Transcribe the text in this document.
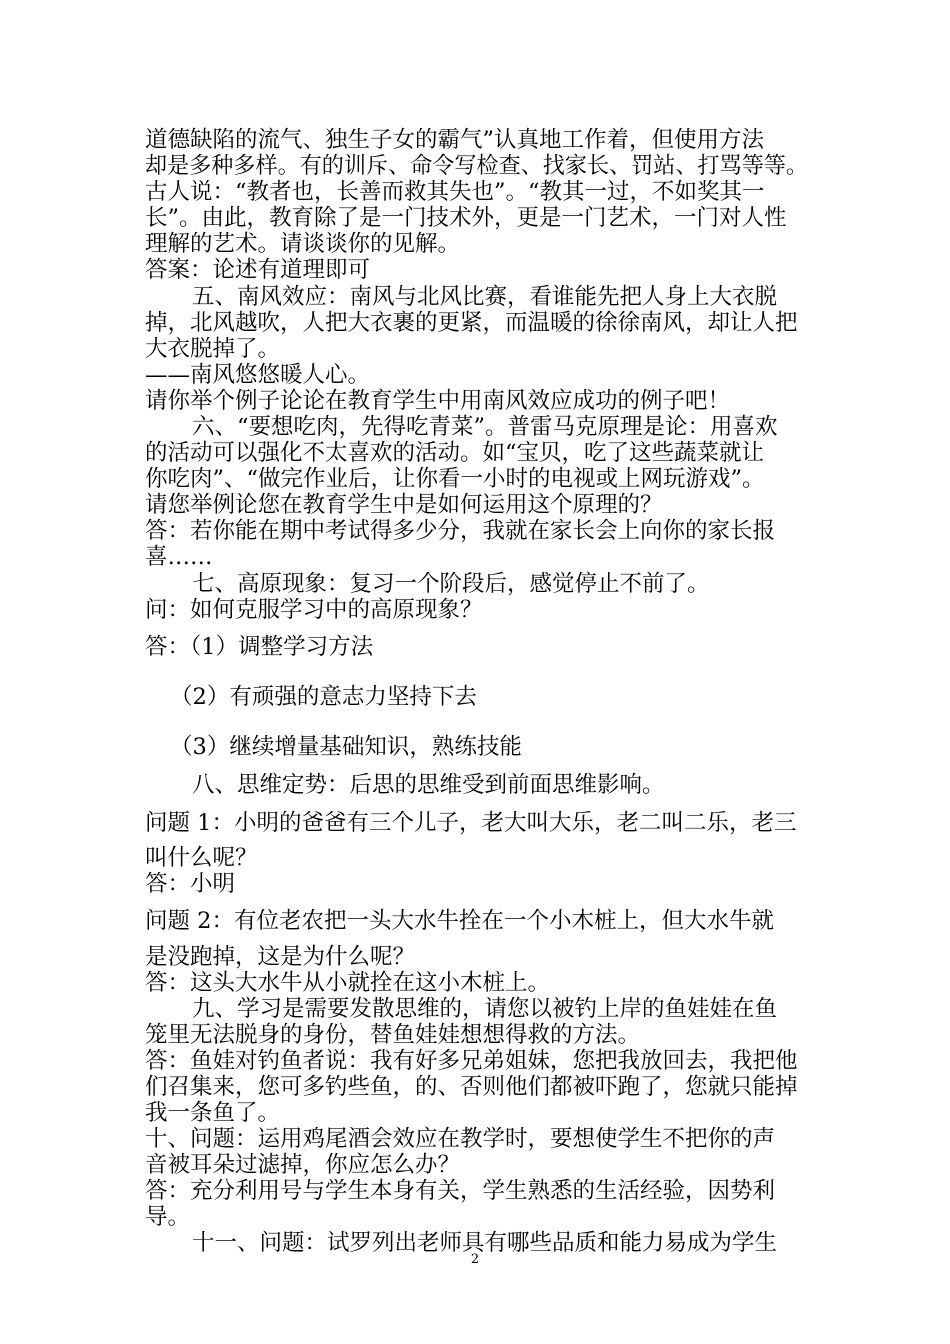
道德缺陷的流气、独生子女的霸气”认真地工作着，但使用方法
却是多种多样。有的训斥、命令写检查、找家长、罚站、打骂等等。
古人说：“教者也，长善而救其失也”。“教其一过，不如奖其一
长”。由此，教育除了是一门技术外，更是一门艺术，一门对人性
理解的艺术。请谈谈你的见解。
答案：论述有道理即可
五、南风效应：南风与北风比赛，看谁能先把人身上大衣脱
掉，北风越吹，人把大衣裹的更紧，而温暖的徐徐南风，却让人把
大衣脱掉了。
——南风悠悠暖人心。
请你举个例子论论在教育学生中用南风效应成功的例子吧！
六、“要想吃肉，先得吃青菜”。普雷马克原理是论：用喜欢
的活动可以强化不太喜欢的活动。如“宝贝，吃了这些蔬菜就让
你吃肉”、“做完作业后，让你看一小时的电视或上网玩游戏”。
请您举例论您在教育学生中是如何运用这个原理的？
答：若你能在期中考试得多少分，我就在家长会上向你的家长报
喜……
七、高原现象：复习一个阶段后，感觉停止不前了。
问：如何克服学习中的高原现象？
答：（1）调整学习方法
（2）有顽强的意志力坚持下去
（3）继续增量基础知识，熟练技能
八、思维定势：后思的思维受到前面思维影响。
问题 1：小明的爸爸有三个儿子，老大叫大乐，老二叫二乐，老三
叫什么呢？
答：小明
问题 2：有位老农把一头大水牛拴在一个小木桩上，但大水牛就
是没跑掉，这是为什么呢？
答：这头大水牛从小就拴在这小木桩上。
九、学习是需要发散思维的，请您以被钓上岸的鱼娃娃在鱼
笼里无法脱身的身份，替鱼娃娃想想得救的方法。
答：鱼娃对钓鱼者说：我有好多兄弟姐妹，您把我放回去，我把他
们召集来，您可多钓些鱼，的、否则他们都被吓跑了，您就只能掉
我一条鱼了。
十、问题：运用鸡尾酒会效应在教学时，要想使学生不把你的声
音被耳朵过滤掉，你应怎么办？
答：充分利用号与学生本身有关，学生熟悉的生活经验，因势利
导。
十一、问题：试罗列出老师具有哪些品质和能力易成为学生
2
